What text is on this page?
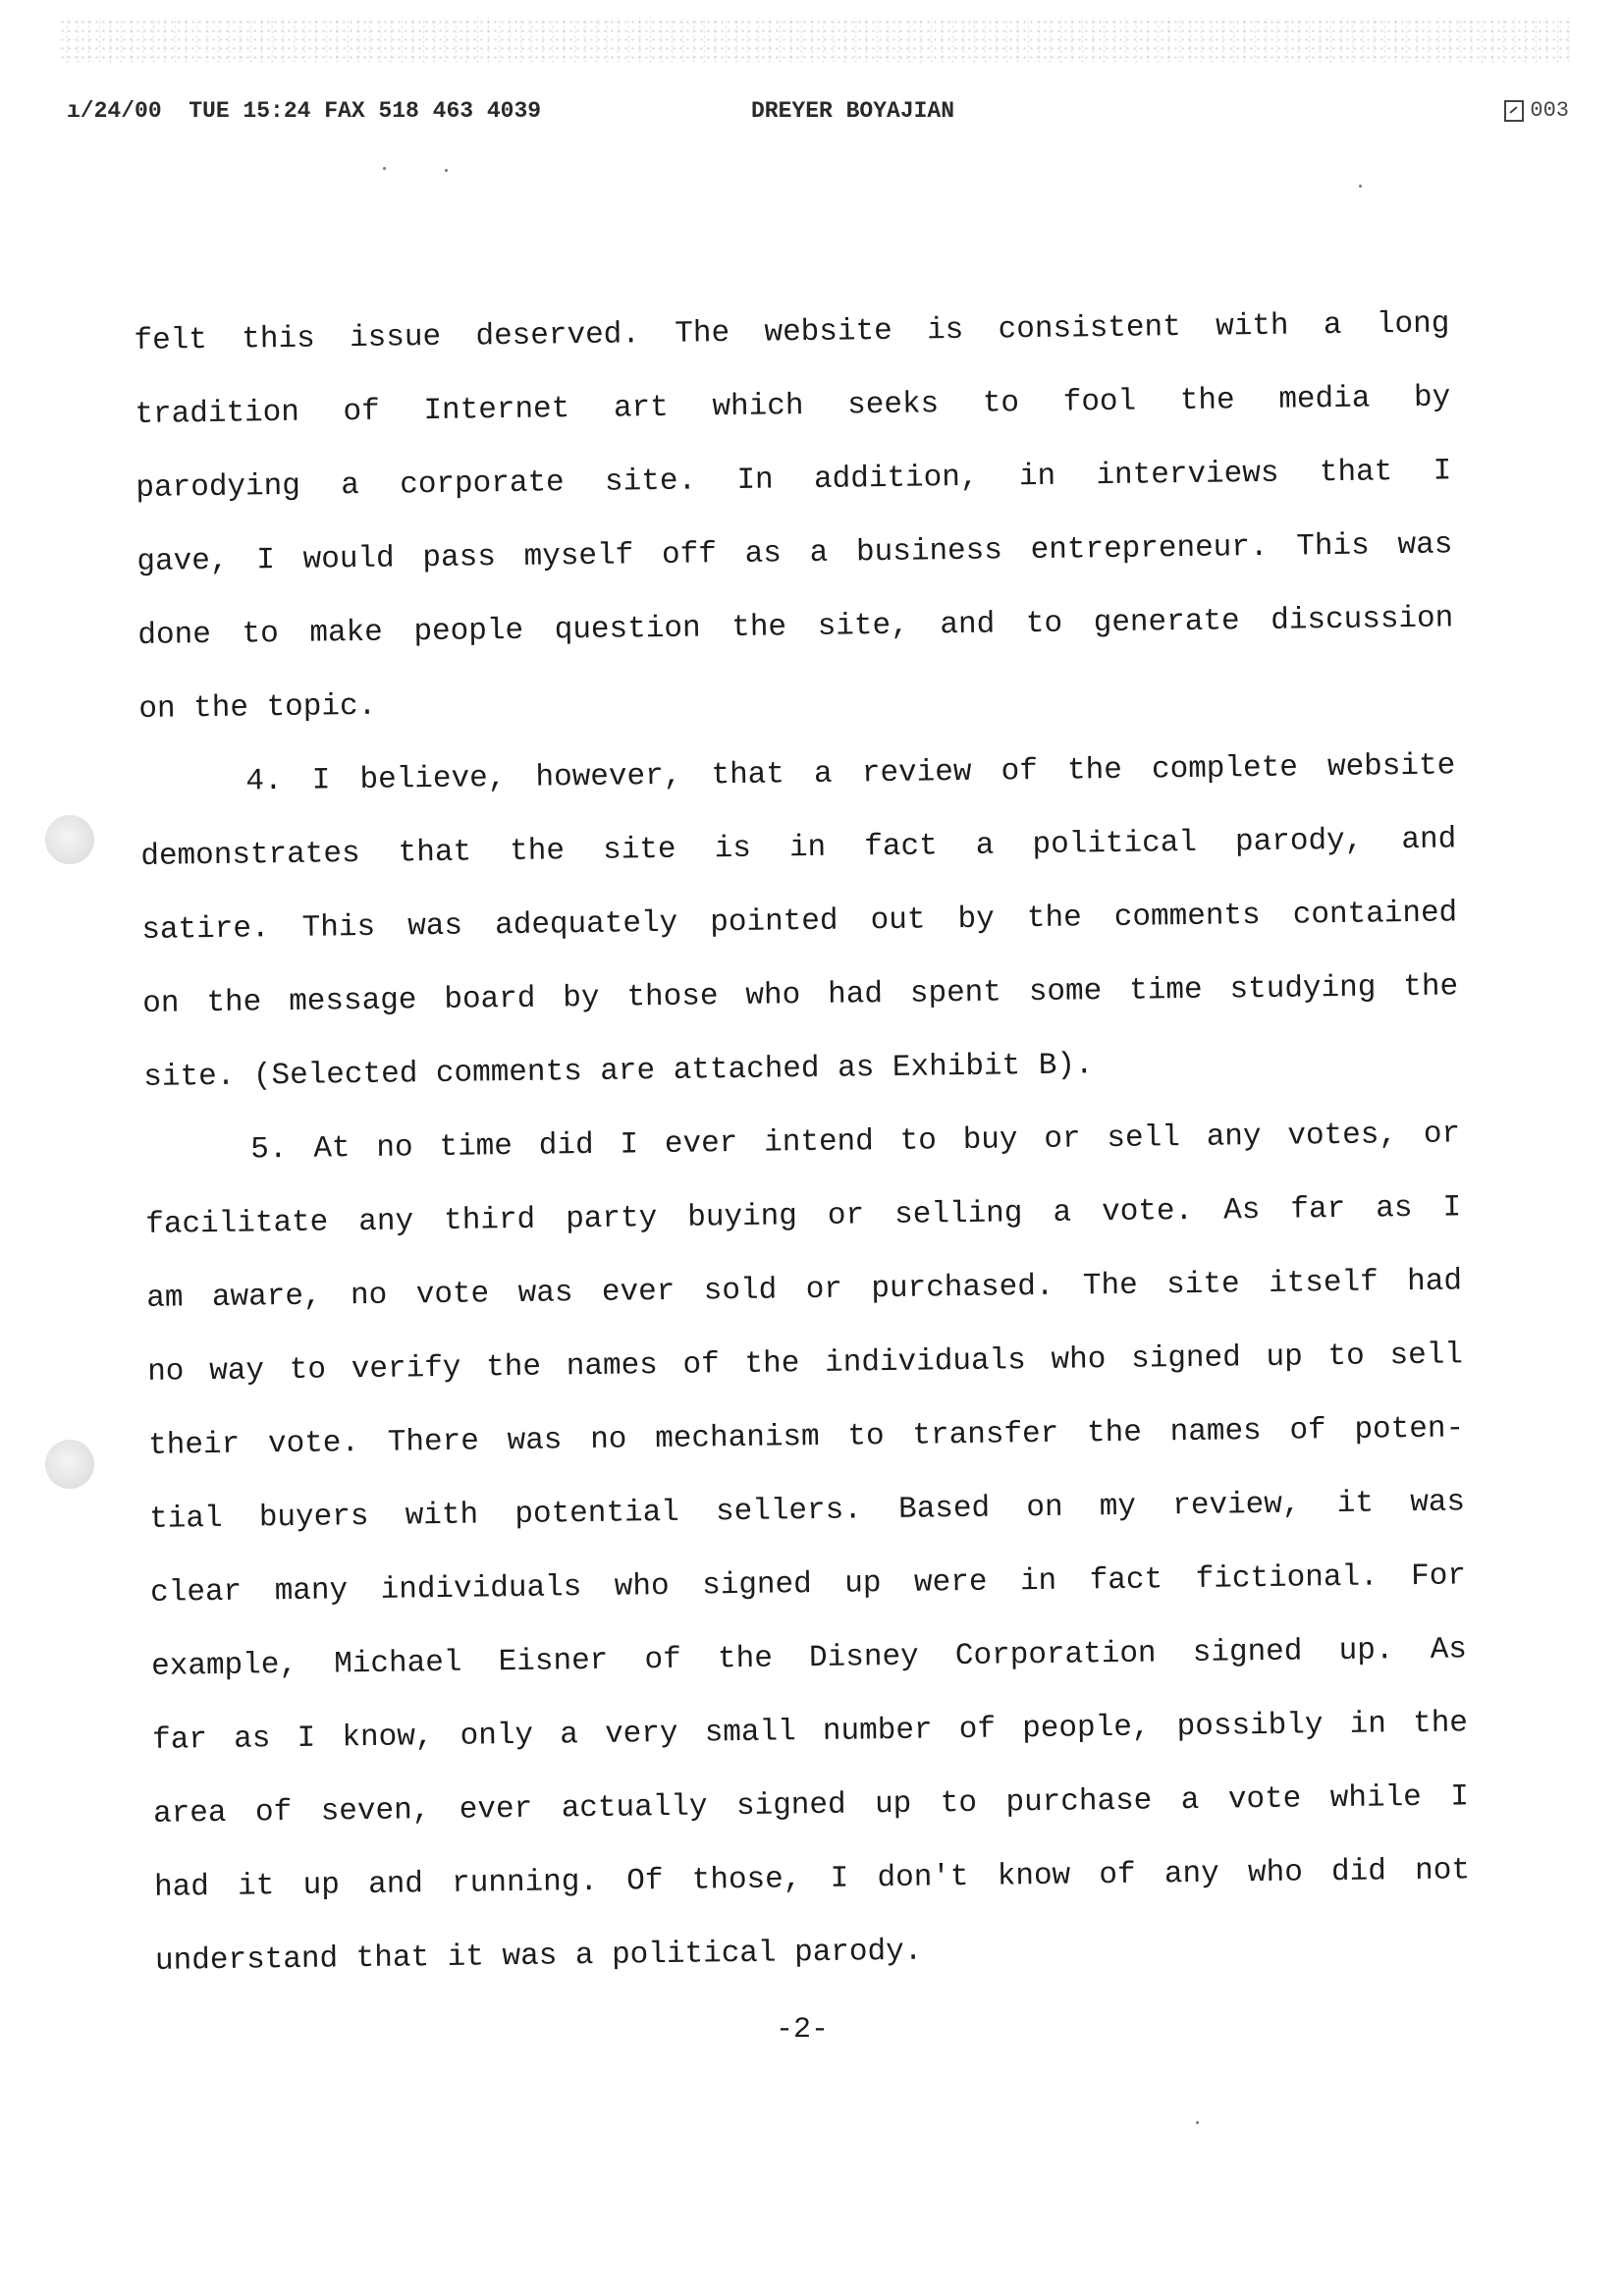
ı/24/00  TUE 15:24 FAX 518 463 4039	DREYER BOYAJIAN	003
felt this issue deserved. The website is consistent with a long
tradition of Internet art which seeks to fool the media by
parodying a corporate site. In addition, in interviews that I
gave, I would pass myself off as a business entrepreneur. This was
done to make people question the site, and to generate discussion
on the topic.
4. I believe, however, that a review of the complete website
demonstrates that the site is in fact a political parody, and
satire. This was adequately pointed out by the comments contained
on the message board by those who had spent some time studying the
site. (Selected comments are attached as Exhibit B).
5. At no time did I ever intend to buy or sell any votes, or
facilitate any third party buying or selling a vote. As far as I
am aware, no vote was ever sold or purchased. The site itself had
no way to verify the names of the individuals who signed up to sell
their vote. There was no mechanism to transfer the names of poten-
tial buyers with potential sellers. Based on my review, it was
clear many individuals who signed up were in fact fictional. For
example, Michael Eisner of the Disney Corporation signed up. As
far as I know, only a very small number of people, possibly in the
area of seven, ever actually signed up to purchase a vote while I
had it up and running. Of those, I don't know of any who did not
understand that it was a political parody.
-2-
